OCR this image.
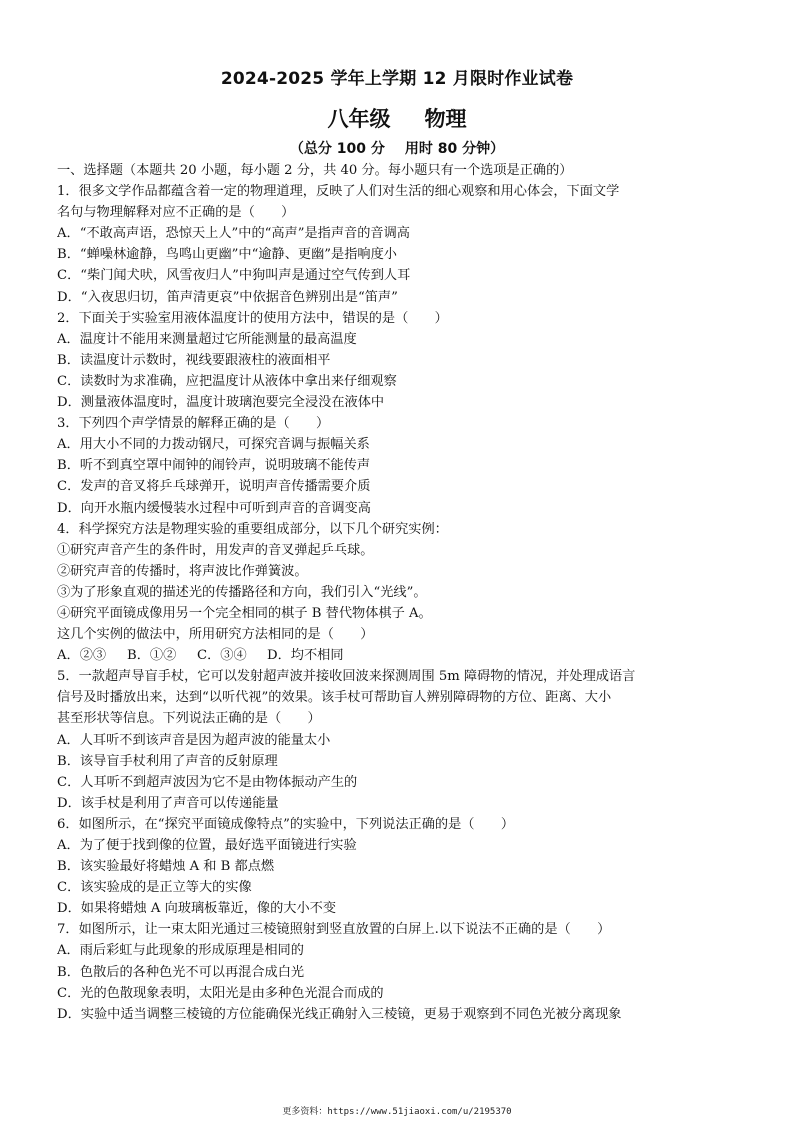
2024-2025 学年上学期 12 月限时作业试卷
八年级 物理
（总分 100 分 用时 80 分钟）
一、选择题（本题共 20 小题，每小题 2 分，共 40 分。每小题只有一个选项是正确的）
1．很多文学作品都蕴含着一定的物理道理，反映了人们对生活的细心观察和用心体会，下面文学
名句与物理解释对应不正确的是（　　）
A．“不敢高声语，恐惊天上人”中的“高声”是指声音的音调高
B．“蝉噪林逾静，鸟鸣山更幽”中“逾静、更幽”是指响度小
C．“柴门闻犬吠，风雪夜归人”中狗叫声是通过空气传到人耳
D．“入夜思归切，笛声清更哀”中依据音色辨别出是“笛声”
2．下面关于实验室用液体温度计的使用方法中，错误的是（　　）
A．温度计不能用来测量超过它所能测量的最高温度
B．读温度计示数时，视线要跟液柱的液面相平
C．读数时为求准确，应把温度计从液体中拿出来仔细观察
D．测量液体温度时，温度计玻璃泡要完全浸没在液体中
3．下列四个声学情景的解释正确的是（　　）
A．用大小不同的力拨动钢尺，可探究音调与振幅关系
B．听不到真空罩中闹钟的闹铃声，说明玻璃不能传声
C．发声的音叉将乒乓球弹开，说明声音传播需要介质
D．向开水瓶内缓慢装水过程中可听到声音的音调变高
4．科学探究方法是物理实验的重要组成部分，以下几个研究实例：
①研究声音产生的条件时，用发声的音叉弹起乒乓球。
②研究声音的传播时，将声波比作弹簧波。
③为了形象直观的描述光的传播路径和方向，我们引入“光线”。
④研究平面镜成像用另一个完全相同的棋子 B 替代物体棋子 A。
这几个实例的做法中，所用研究方法相同的是（　　）
A．②③ B．①② C．③④ D．均不相同
5．一款超声导盲手杖，它可以发射超声波并接收回波来探测周围 5m 障碍物的情况，并处理成语言
信号及时播放出来，达到“以听代视”的效果。该手杖可帮助盲人辨别障碍物的方位、距离、大小
甚至形状等信息。下列说法正确的是（　　）
A．人耳听不到该声音是因为超声波的能量太小
B．该导盲手杖利用了声音的反射原理
C．人耳听不到超声波因为它不是由物体振动产生的
D．该手杖是利用了声音可以传递能量
6．如图所示，在“探究平面镜成像特点”的实验中，下列说法正确的是（　　）
A．为了便于找到像的位置，最好选平面镜进行实验
B．该实验最好将蜡烛 A 和 B 都点燃
C．该实验成的是正立等大的实像
D．如果将蜡烛 A 向玻璃板靠近，像的大小不变
7．如图所示，让一束太阳光通过三棱镜照射到竖直放置的白屏上.以下说法不正确的是（　　）
A．雨后彩虹与此现象的形成原理是相同的
B．色散后的各种色光不可以再混合成白光
C．光的色散现象表明，太阳光是由多种色光混合而成的
D．实验中适当调整三棱镜的方位能确保光线正确射入三棱镜，更易于观察到不同色光被分离现象
更多资料：https://www.51jiaoxi.com/u/2195370
